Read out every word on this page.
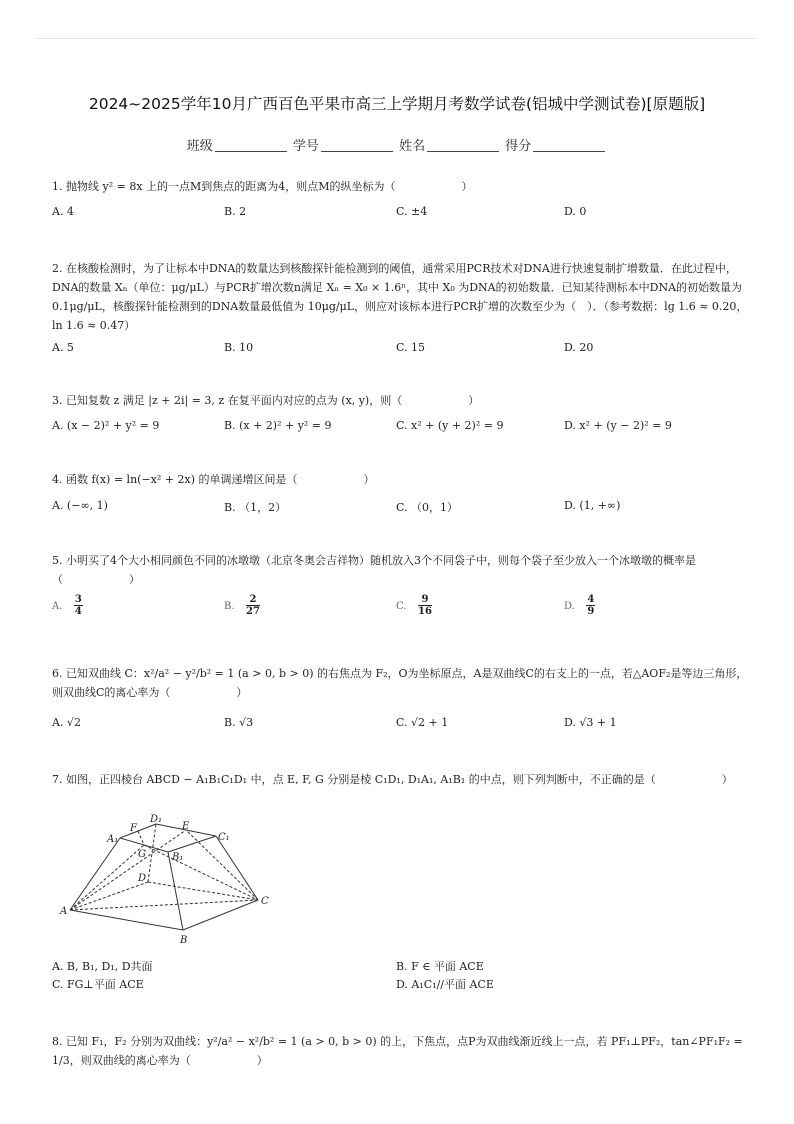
2024~2025学年10月广西百色平果市高三上学期月考数学试卷(铝城中学测试卷)[原题版]
班级	学号	姓名	得分
1. 抛物线 y² = 8x 上的一点M到焦点的距离为4，则点M的纵坐标为（　　　　　　）
A. 4	B. 2	C. ±4	D. 0
2. 在核酸检测时，为了让标本中DNA的数量达到核酸探针能检测到的阈值，通常采用PCR技术对DNA进行快速复制扩增数量．在此过程中，DNA的数量 Xₙ（单位：μg/μL）与PCR扩增次数n满足 Xₙ = X₀ × 1.6ⁿ，其中 X₀ 为DNA的初始数量．已知某待测标本中DNA的初始数量为 0.1μg/μL，核酸探针能检测到的DNA数量最低值为 10μg/μL，则应对该标本进行PCR扩增的次数至少为（　）．（参考数据：lg 1.6 ≈ 0.20，ln 1.6 ≈ 0.47）
A. 5	B. 10	C. 15	D. 20
3. 已知复数 z 满足 |z + 2i| = 3, z 在复平面内对应的点为 (x, y)，则（　　　　　　）
A. (x − 2)² + y² = 9	B. (x + 2)² + y² = 9	C. x² + (y + 2)² = 9	D. x² + (y − 2)² = 9
4. 函数 f(x) = ln(−x² + 2x) 的单调递增区间是（　　　　　　）
A. (−∞, 1)	B. （1，2）	C. （0，1）	D. (1, +∞)
5. 小明买了4个大小相同颜色不同的冰墩墩（北京冬奥会吉祥物）随机放入3个不同袋子中，则每个袋子至少放入一个冰墩墩的概率是（　　　　　　）
A. $\frac{3}{4}$	B. $\frac{2}{27}$	C. $\frac{9}{16}$	D. $\frac{4}{9}$
6. 已知双曲线 C：x²/a² − y²/b² = 1 (a > 0, b > 0) 的右焦点为 F₂，O为坐标原点，A是双曲线C的右支上的一点，若△AOF₂是等边三角形，则双曲线C的离心率为（　　　　　　）
A. √2	B. √3	C. √2 + 1	D. √3 + 1
7. 如图，正四棱台 ABCD − A₁B₁C₁D₁ 中，点 E, F, G 分别是棱 C₁D₁, D₁A₁, A₁B₁ 的中点，则下列判断中，不正确的是（　　　　　　）
A
B
C
D
A₁
B₁
C₁
D₁
E
F
G
A. B, B₁, D₁, D共面	B. F ∈ 平面 ACE
C. FG⊥平面 ACE	D. A₁C₁//平面 ACE
8. 已知 F₁，F₂ 分别为双曲线：y²/a² − x²/b² = 1 (a > 0, b > 0) 的上，下焦点，点P为双曲线渐近线上一点，若 PF₁⊥PF₂，tan∠PF₁F₂ = 1/3，则双曲线的离心率为（　　　　　　）
